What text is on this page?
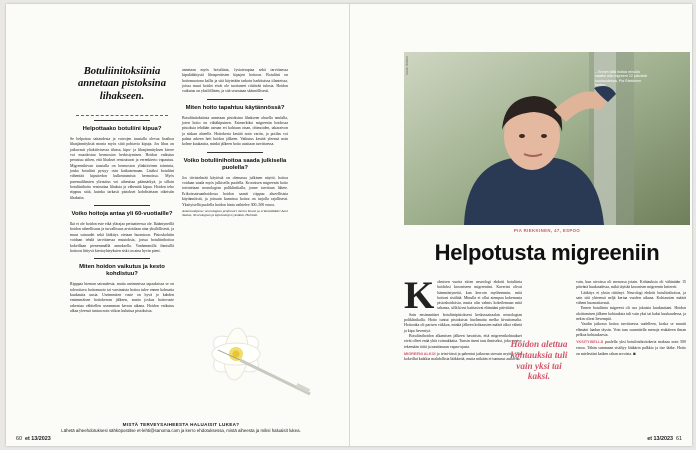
Botuliinitoksiinia annetaan pistoksina lihakseen.
Helpottaako botuliini kipua?

Se helpottaa saitaudesta ja vaivojen taustalla olevaa lisaihoa lihasjännityksiä monta myös siitä pohtavia kipuja. Jos lihas on jatkuvasti yliaktiivisessa tilassa, kipu- ja lihasjännityksen kierre voi muodostua hermoston herkistymisen. Hoidon vaikutus perustuu siihen, että lihakset rentoutuvat ja verenkierto vapautuu. Migreenikivun taustalla on hermoston yliaktiivinen toiminta, jonka botuliini pystyy osin katkaisemaan. Lisäksi botuliini vähentää kiputiedon kulkeutumista hermoissa. Myös puremalihasten ylirasitus voi aiheuttaa päänsärkyä, ja silloin botuliinihoito rentouttaa lihaksia ja vähentää kipua. Hoidon teho riippuu siitä, kuinka tarkasti pistokset kohdistetaan oikeisiin lihaksiin.

Voiko hoitoja antaa yli 60-vuotiaille?

Ikä ei ole hoidon este eikä ylärajaa periaatteessa ole. Ikääntyneillä hoidon aiheellisuus ja turvallisuus arvioidaan aina yksilöllisesti, ja muut sairaudet sekä lääkitys otetaan huomioon. Pistoskohtiin voidaan tehdä tarvittaessa muutoksia, joissa botuliinihoitoa kokeillaan pienemmällä annoksella. Vanhemmilla ihmisillä hoitoon liittyvä kiertoyhteyksien riski on aina hyvin pieni.

Miten hoidon vaikutus ja kesto kohdistuu?

Ripppaa hieman sairaudesta, mutta useimmissa tapauksissa se on toleroitava hoitomuoto tai varsinaista hoitoa tulee ennen kolmatta kuukautta uusia. Useimmiten vaste on hyvä jo kahden ensimmäisen hoitokerran jälkeen, mutta joskus hoitovaste rakentuu vähitellen useamman kerran aikana. Hoidon vaikutus alkaa yleensä tuntua noin viikon kuluttua pistoksista.

annetaan myös botuliinia, fysioterapiaa sekä tarvittaessa kipulääkitystä lihasperäisten kipujen hoitoon. Botuliini on hoitomuotona kallis ja sitä käytetään tarkoin harkituissa tilanteissa, joissa muut hoidot eivät ole tuottaneet riittävää tulosta. Hoidon vaikutus on yksilöllinen, ja sitä seurataan säännöllisesti.

Miten hoito tapahtuu käytännössä?

Botuliinitoksiinia annetaan pistoksina lihakseen ohuella neulalla, joten hoito on vähäkipuinen. Esimerkiksi migreenin hoidossa pistoksia tehdään useaan eri kohtaan otsan, ohimoiden, takaraivon ja niskan alueelle. Hoitokerta kestää noin vartin, ja potilas voi palata arkeen heti hoidon jälkeen. Vaikutus kestää yleensä noin kolme kuukautta, minkä jälkeen hoito uusitaan tarvittaessa.

Voiko botuliinihoitoa saada julkisella puolella?

Jos tiivistelmää käytöstä on olemassa julkinen näyttö, hoitoa voidaan saada myös julkisella puolella. Kroonisen migreenin hoito toteutetaan neurologian poliklinikalla, jonne tarvitaan lähete. Erikoissairaanhoidossa hoidon saanti riippuu alueellisista käytännöistä, ja joissain kunnissa hoitoa on tarjolla rajallisesti. Yksityisellä puolella hoidon hinta vaihtelee 300–500 euroa.

Asiantuntijana: neurologian professori Jarmo Kuusi ja erikoislääkäri Anni Taalas, Neurologian ja kipuhoitojen yksikkö, Helsinki.

MISTÄ TERVEYSAIHEESTA HALUAISIT LUKEA?
Lähetä aiheehdotuksesi sähköpostitse et-lehti@sanoma.com ja kerro ehdotuksessa, mistä aiheesta ja miksi haluaisit lukea.
60 et 13/2023
KUVA: ISTOCK	– Ennen tätä hoitoa minulla saattoi olla migreeni 22 päivänä kuukaudessa, Pia Riekkinen kertoo.
PIA RIEKKINEN, 47, ESPOO
Helpotusta migreeniin

Kolmisen vuotta sitten neurologi ehdotti botuliinia hoidoksi krooniseen migreeniini. Kaverini olivat hämmästyneitä, kun kerroin myöhemmin, mitä hoitoni sisältää. Minulla ei ollut aiempaa kokemusta pistoshoidoista, mutta olin valmis kokeilemaan mitä tahansa, sillä kivut haittasivat elämääni päivittäin.

Sain ensimmäiset botuliinipistokseni keskussairaalan neurologian poliklinikalla. Hoito tuntui pistoksista huolimatta melko kivuttomalta. Hoitoaika oli parisen viikkoa, minkä jälkeen kohtausten määrä alkoi vähetä ja kipu lieventyä.

Botuliinihoidon alkamisen jälkeen havaitsin, että migreenikohtaukset eivät olleet enää yhtä voimakkaita. Tunsin itseni taas ihmiseksi, joka pystyy tekemään töitä ja nauttimaan vapaa-ajasta.

MIGREENI ALKOI jo teini-iässä ja pahentui jatkuvan stressin myötä. Olin kokeillut kaikkia mahdollisia lääkkeitä, mutta mikään ei tuntunut auttavan.

Hoidon alettua kohtauksia tuli vain yksi tai kaksi.

vain, kun aivoissa oli menossa jotain. Kohtauksia oli vähintään 15 päivänä kuukaudessa, mikä täyttää kroonisen migreenin kriteerit.

Lääkitys ei yksin riittänyt. Neurologi ehdotti botuliinihoitoa, ja sain sitä yhteensä neljä kertaa vuoden aikana. Kohtausten määrä väheni huomattavasti.

Ennen botuliinia migreeni oli osa jokaista kuukauttani. Hoidon aloittamisen jälkeen kohtauksia tuli vain yksi tai kaksi kuukaudessa, ja nekin olivat lievempiä.

Vaadin jatkossa hoitoa tarvittaessa uudelleen, koska se muutti elämäni laadun täysin. Voin taas suunnitella menoja etukäteen ilman pelkoa kohtauksesta.

YKSITYISELLÄ puolella yksi botuliinihoitokerta maksaa noin 500 euroa. Tähän summaan sisältyy lääkärin palkkio ja itse lääke. Hoito on mielestäni kaiken rahan arvoista. ◙

et 13/2023 61
